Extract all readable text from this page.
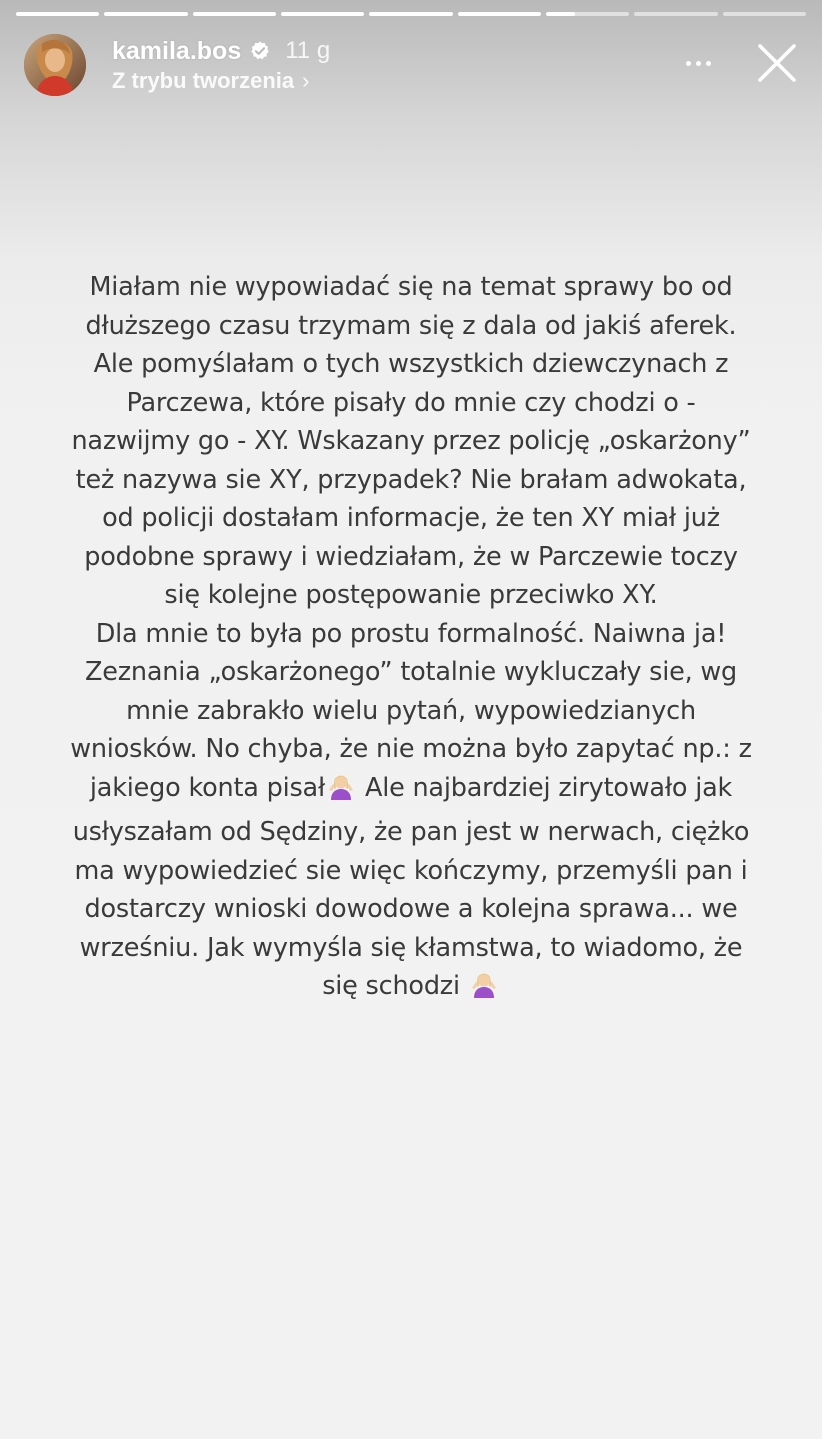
kamila.bos 11 g
Z trybu tworzenia ›

Miałam nie wypowiadać się na temat sprawy bo od dłuższego czasu trzymam się z dala od jakiś aferek. Ale pomyślałam o tych wszystkich dziewczynach z Parczewa, które pisały do mnie czy chodzi o - nazwijmy go - XY. Wskazany przez policję „oskarżony” też nazywa sie XY, przypadek? Nie brałam adwokata, od policji dostałam informacje, że ten XY miał już podobne sprawy i wiedziałam, że w Parczewie toczy się kolejne postępowanie przeciwko XY.

Dla mnie to była po prostu formalność. Naiwna ja! Zeznania „oskarżonego” totalnie wykluczały sie, wg mnie zabrakło wielu pytań, wypowiedzianych wniosków. No chyba, że nie można było zapytać np.: z jakiego konta pisał Ale najbardziej zirytowało jak usłyszałam od Sędziny, że pan jest w nerwach, ciężko ma wypowiedzieć sie więc kończymy, przemyśli pan i dostarczy wnioski dowodowe a kolejna sprawa... we wrześniu. Jak wymyśla się kłamstwa, to wiadomo, że się schodzi
